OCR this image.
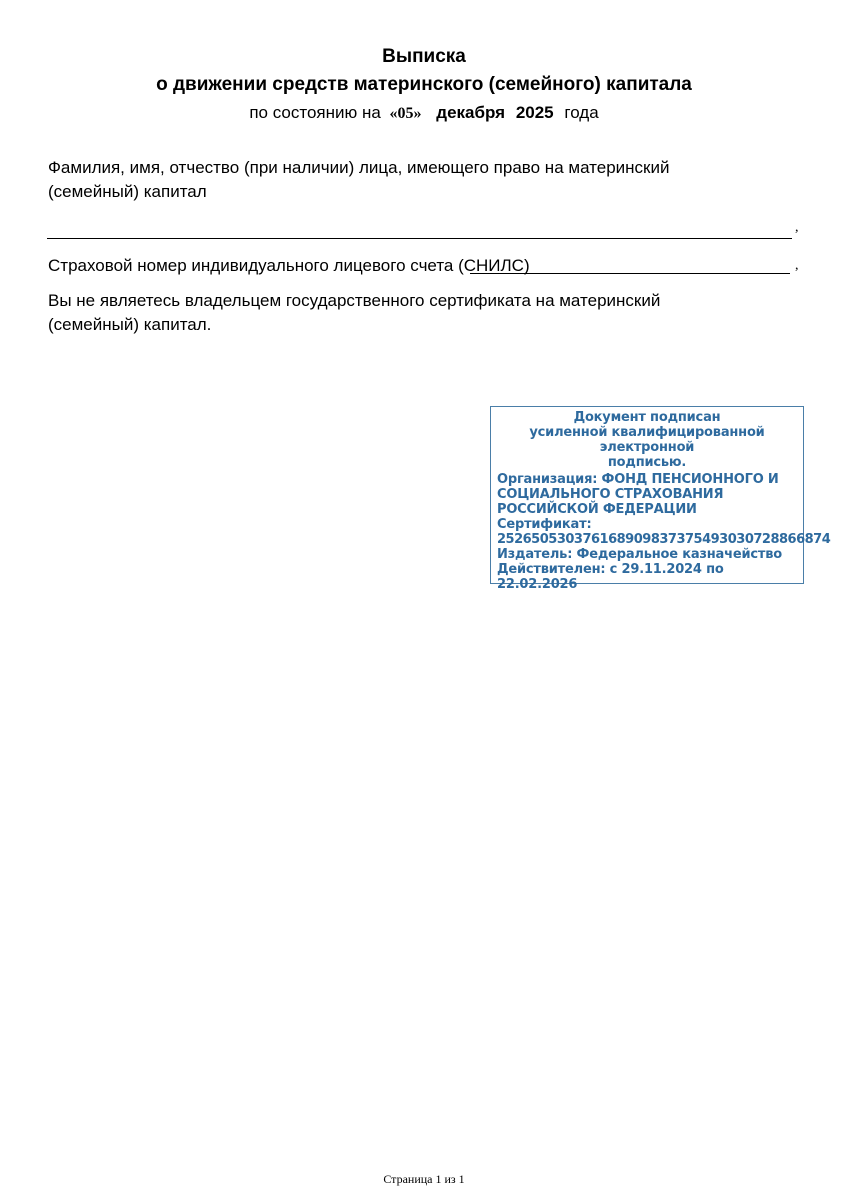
Выписка
о движении средств материнского (семейного) капитала
по состоянию на «05» декабря 2025 года
Фамилия, имя, отчество (при наличии) лица, имеющего право на материнский (семейный) капитал
,
Страховой номер индивидуального лицевого счета (СНИЛС)	,
Вы не являетесь владельцем государственного сертификата на материнский (семейный) капитал.
Документ подписан
усиленной квалифицированной
электронной
подписью.
Организация: ФОНД ПЕНСИОННОГО И СОЦИАЛЬНОГО СТРАХОВАНИЯ РОССИЙСКОЙ ФЕДЕРАЦИИ
Сертификат:
252650530376168909837375493030728866874
Издатель: Федеральное казначейство
Действителен: с 29.11.2024 по 22.02.2026
Страница 1 из 1
